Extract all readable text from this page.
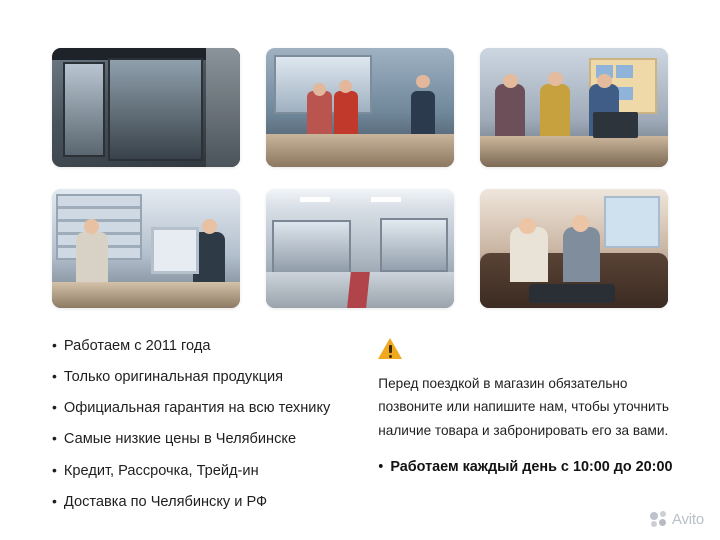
• Работаем с 2011 года
• Только оригинальная продукция
• Официальная гарантия на всю технику
• Самые низкие цены в Челябинске
• Кредит, Рассрочка, Трейд-ин
• Доставка по Челябинску и РФ

Перед поездкой в магазин обязательно позвоните или напишите нам, чтобы уточнить наличие товара и забронировать его за вами.

• Работаем каждый день с 10:00 до 20:00
Avito
